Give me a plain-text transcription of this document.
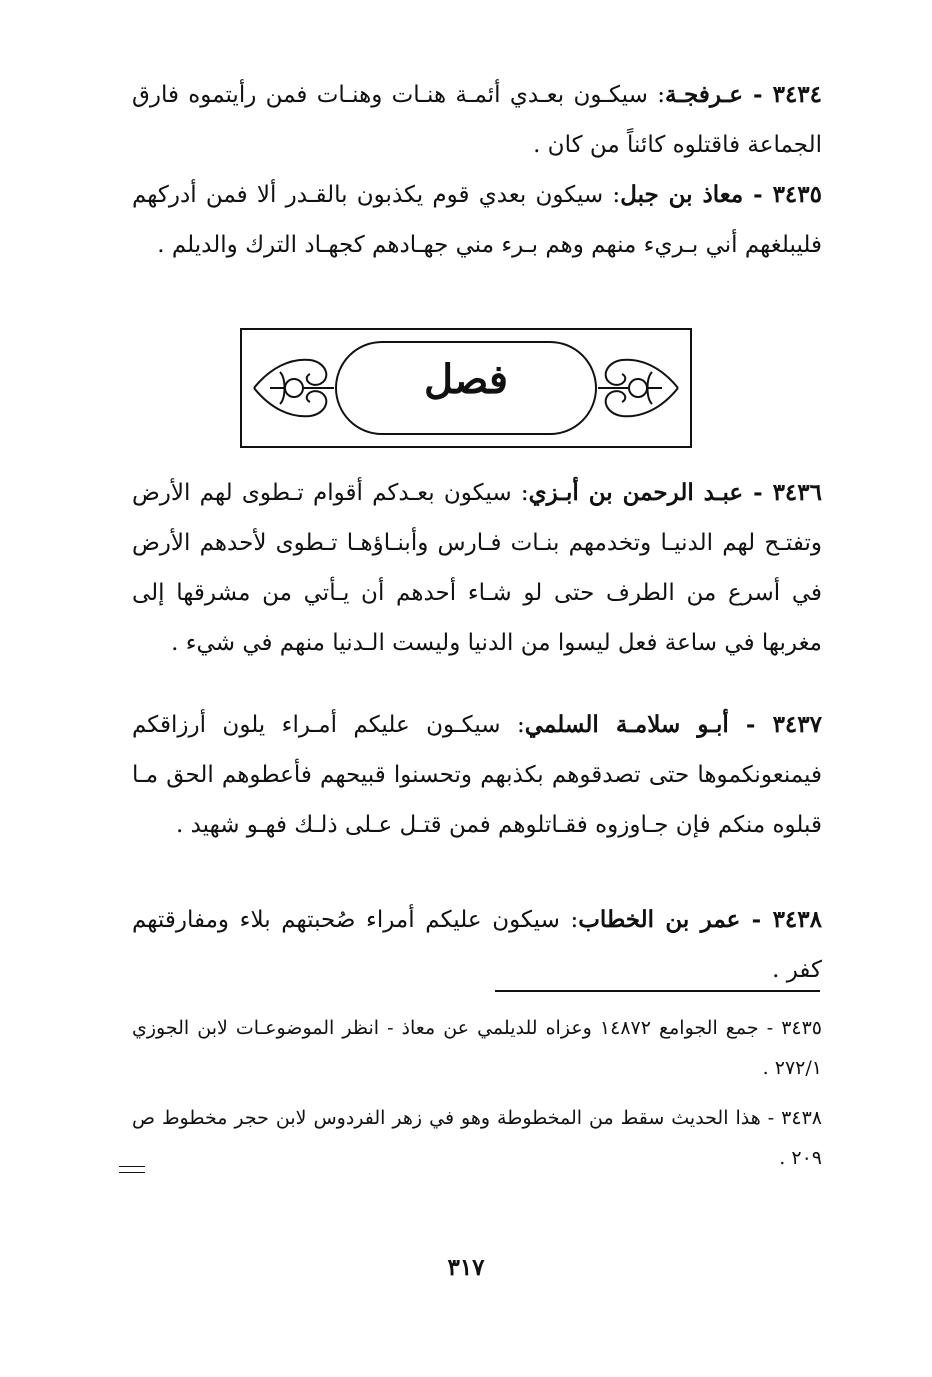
٣٤٣٤ - عـرفجـة: سيكـون بعـدي أئمـة هنـات وهنـات فمن رأيتموه فارق الجماعة فاقتلوه كائناً من كان .
٣٤٣٥ - معاذ بن جبل: سيكون بعدي قوم يكذبون بالقـدر ألا فمن أدركهم فليبلغهم أني بـريء منهم وهم بـرء مني جهـادهم كجهـاد الترك والديلم .
فصل
٣٤٣٦ - عبـد الرحمن بن أبـزي: سيكون بعـدكم أقوام تـطوى لهم الأرض وتفتـح لهم الدنيـا وتخدمهم بنـات فـارس وأبنـاؤهـا تـطوى لأحدهم الأرض في أسرع من الطرف حتى لو شـاء أحدهم أن يـأتي من مشرقها إلى مغربها في ساعة فعل ليسوا من الدنيا وليست الـدنيا منهم في شيء .
٣٤٣٧ - أبـو سلامـة السلمي: سيكـون عليكم أمـراء يلون أرزاقكم فيمنعونكموها حتى تصدقوهم بكذبهم وتحسنوا قبيحهم فأعطوهم الحق مـا قبلوه منكم فإن جـاوزوه فقـاتلوهم فمن قتـل عـلى ذلـك فهـو شهيد .
٣٤٣٨ - عمر بن الخطاب: سيكون عليكم أمراء صُحبتهم بلاء ومفارقتهم كفر .
٣٤٣٥ - جمع الجوامع ١٤٨٧٢ وعزاه للديلمي عن معاذ - انظر الموضوعـات لابن الجوزي ٢٧٢/١ .
٣٤٣٨ - هذا الحديث سقط من المخطوطة وهو في زهر الفردوس لابن حجر مخطوط ص ٢٠٩ .
٣١٧
